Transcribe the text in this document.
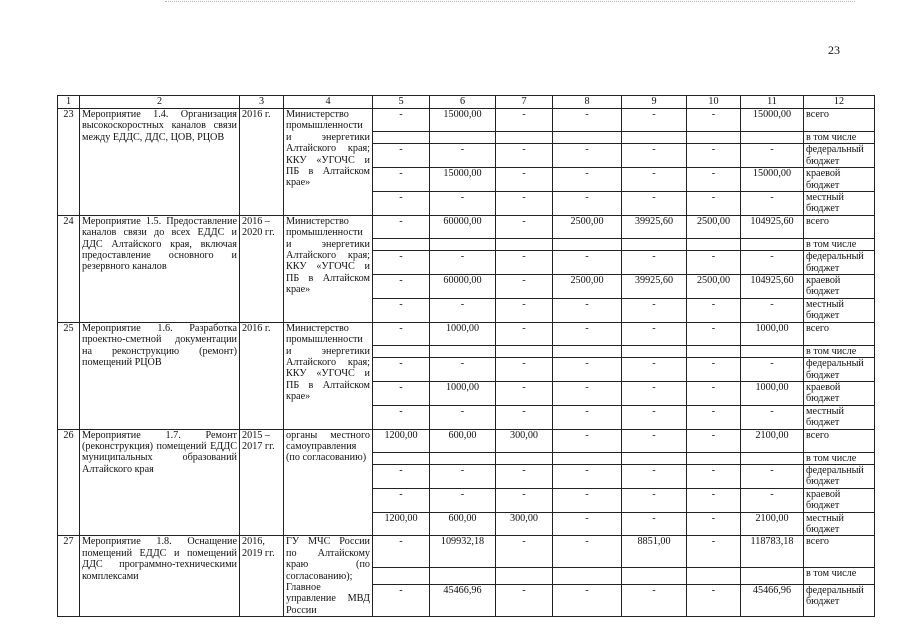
23
1	2	3	4	5	6	7	8	9	10	11	12
23	Мероприятие 1.4. Организация высокоскоростных каналов связи между ЕДДС, ДДС, ЦОВ, РЦОВ	2016 г.	Министерство промышленности и энергетики Алтайского края; ККУ «УГОЧС и ПБ в Алтайском крае»	-	15000,00	-	-	-	-	15000,00	всего
											в том числе
				-	-	-	-	-	-	-	федеральный бюджет
				-	15000,00	-	-	-	-	15000,00	краевой бюджет
				-	-	-	-	-	-	-	местный бюджет
24	Мероприятие 1.5. Предоставление каналов связи до всех ЕДДС и ДДС Алтайского края, включая предоставление основного и резервного каналов	2016 – 2020 гг.	Министерство промышленности и энергетики Алтайского края; ККУ «УГОЧС и ПБ в Алтайском крае»	-	60000,00	-	2500,00	39925,60	2500,00	104925,60	всего
											в том числе
				-	-	-	-	-	-	-	федеральный бюджет
				-	60000,00	-	2500,00	39925,60	2500,00	104925,60	краевой бюджет
				-	-	-	-	-	-	-	местный бюджет
25	Мероприятие 1.6. Разработка проектно-сметной документации на реконструкцию (ремонт) помещений РЦОВ	2016 г.	Министерство промышленности и энергетики Алтайского края; ККУ «УГОЧС и ПБ в Алтайском крае»	-	1000,00	-	-	-	-	1000,00	всего
											в том числе
				-	-	-	-	-	-	-	федеральный бюджет
				-	1000,00	-	-	-	-	1000,00	краевой бюджет
				-	-	-	-	-	-	-	местный бюджет
26	Мероприятие 1.7. Ремонт (реконструкция) помещений ЕДДС муниципальных образований Алтайского края	2015 – 2017 гг.	органы местного самоуправления (по согласованию)	1200,00	600,00	300,00	-	-	-	2100,00	всего
											в том числе
				-	-	-	-	-	-	-	федеральный бюджет
				-	-	-	-	-	-	-	краевой бюджет
				1200,00	600,00	300,00	-	-	-	2100,00	местный бюджет
27	Мероприятие 1.8. Оснащение помещений ЕДДС и помещений ДДС программно-техническими комплексами	2016, 2019 гг.	ГУ МЧС России по Алтайскому краю (по согласованию); Главное управление МВД России	-	109932,18	-	-	8851,00	-	118783,18	всего
											в том числе
				-	45466,96	-	-	-	-	45466,96	федеральный бюджет
